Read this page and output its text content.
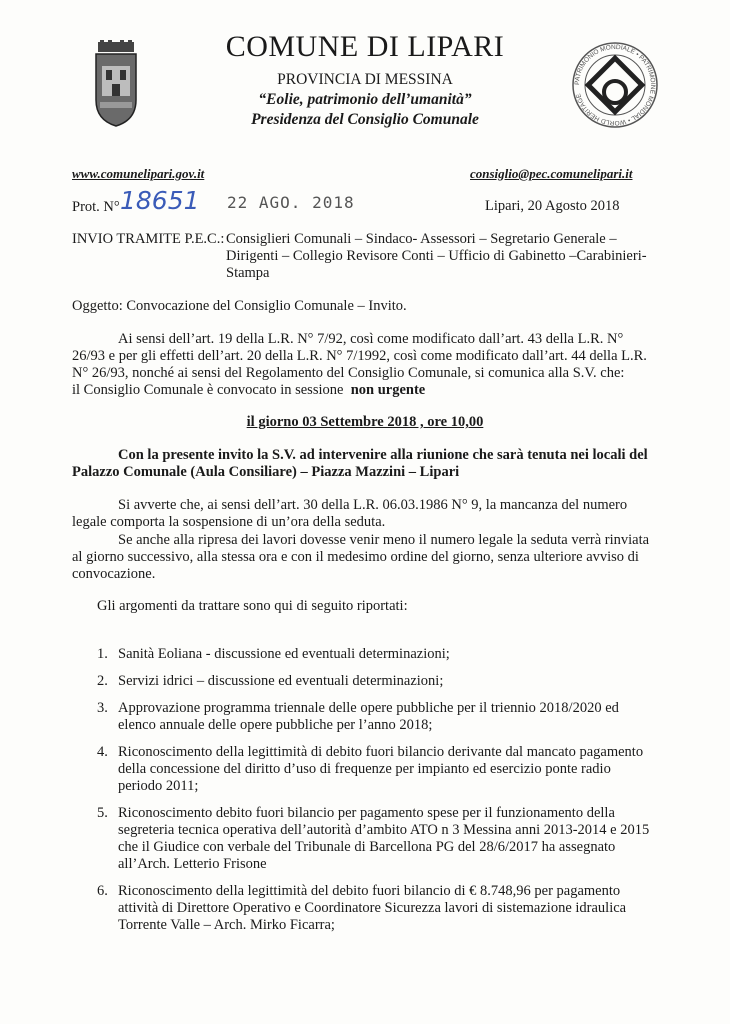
COMUNE DI LIPARI
PROVINCIA DI MESSINA
“Eolie, patrimonio dell’umanità”
Presidenza del Consiglio Comunale
PATRIMONIO MONDIALE • PATRIMOINE MONDIAL • WORLD HERITAGE
www.comunelipari.gov.it	consiglio@pec.comunelipari.it
Prot. N° 18651 22 AGO. 2018	Lipari, 20 Agosto 2018
INVIO TRAMITE P.E.C.: Consiglieri Comunali – Sindaco- Assessori – Segretario Generale –
Dirigenti – Collegio Revisore Conti – Ufficio di Gabinetto –Carabinieri-
Stampa
Oggetto: Convocazione del Consiglio Comunale – Invito.
Ai sensi dell’art. 19 della L.R. N° 7/92, così come modificato dall’art. 43 della L.R. N°
26/93 e per gli effetti dell’art. 20 della L.R. N° 7/1992, così come modificato dall’art. 44 della L.R.
N° 26/93, nonché ai sensi del Regolamento del Consiglio Comunale, si comunica alla S.V. che:
il Consiglio Comunale è convocato in sessione non urgente
il giorno 03 Settembre 2018 , ore 10,00
Con la presente invito la S.V. ad intervenire alla riunione che sarà tenuta nei locali del
Palazzo Comunale (Aula Consiliare) – Piazza Mazzini – Lipari
Si avverte che, ai sensi dell’art. 30 della L.R. 06.03.1986 N° 9, la mancanza del numero
legale comporta la sospensione di un’ora della seduta.
Se anche alla ripresa dei lavori dovesse venir meno il numero legale la seduta verrà rinviata
al giorno successivo, alla stessa ora e con il medesimo ordine del giorno, senza ulteriore avviso di
convocazione.
Gli argomenti da trattare sono qui di seguito riportati:
1. Sanità Eoliana - discussione ed eventuali determinazioni;
2. Servizi idrici – discussione ed eventuali determinazioni;
3. Approvazione programma triennale delle opere pubbliche per il triennio 2018/2020 ed
elenco annuale delle opere pubbliche per l’anno 2018;
4. Riconoscimento della legittimità di debito fuori bilancio derivante dal mancato pagamento
della concessione del diritto d’uso di frequenze per impianto ed esercizio ponte radio
periodo 2011;
5. Riconoscimento debito fuori bilancio per pagamento spese per il funzionamento della
segreteria tecnica operativa dell’autorità d’ambito ATO n 3 Messina anni 2013-2014 e 2015
che il Giudice con verbale del Tribunale di Barcellona PG del 28/6/2017 ha assegnato
all’Arch. Letterio Frisone
6. Riconoscimento della legittimità del debito fuori bilancio di € 8.748,96 per pagamento
attività di Direttore Operativo e Coordinatore Sicurezza lavori di sistemazione idraulica
Torrente Valle – Arch. Mirko Ficarra;
